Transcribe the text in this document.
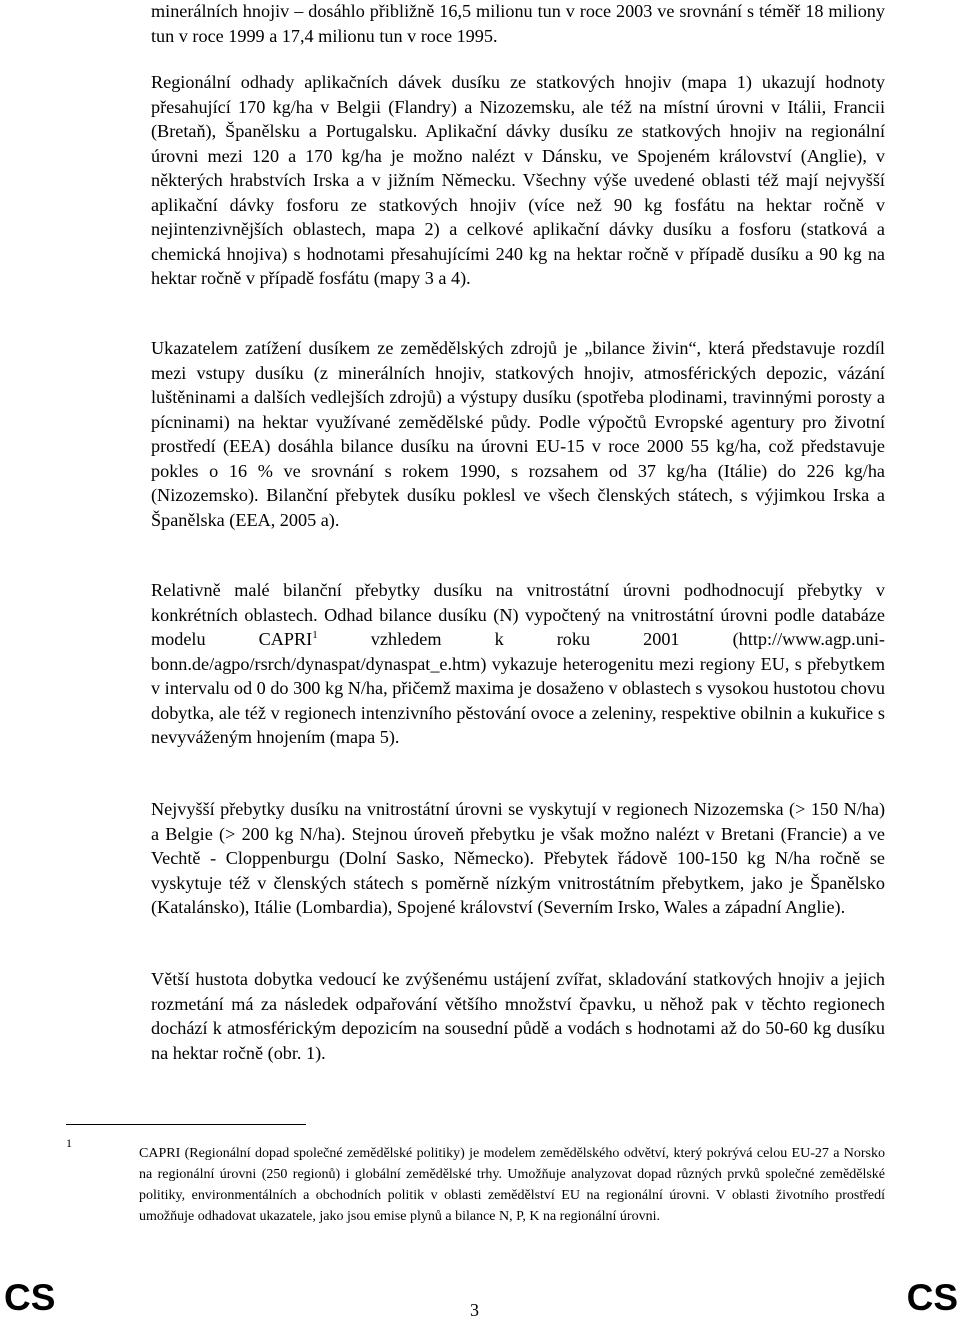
minerálních hnojiv – dosáhlo přibližně 16,5 milionu tun v roce 2003 ve srovnání s téměř 18 miliony tun v roce 1999 a 17,4 milionu tun v roce 1995.

Regionální odhady aplikačních dávek dusíku ze statkových hnojiv (mapa 1) ukazují hodnoty přesahující 170 kg/ha v Belgii (Flandry) a Nizozemsku, ale též na místní úrovni v Itálii, Francii (Bretaň), Španělsku a Portugalsku. Aplikační dávky dusíku ze statkových hnojiv na regionální úrovni mezi 120 a 170 kg/ha je možno nalézt v Dánsku, ve Spojeném království (Anglie), v některých hrabstvích Irska a v jižním Německu. Všechny výše uvedené oblasti též mají nejvyšší aplikační dávky fosforu ze statkových hnojiv (více než 90 kg fosfátu na hektar ročně v nejintenzivnějších oblastech, mapa 2) a celkové aplikační dávky dusíku a fosforu (statková a chemická hnojiva) s hodnotami přesahujícími 240 kg na hektar ročně v případě dusíku a 90 kg na hektar ročně v případě fosfátu (mapy 3 a 4).

Ukazatelem zatížení dusíkem ze zemědělských zdrojů je „bilance živin“, která představuje rozdíl mezi vstupy dusíku (z minerálních hnojiv, statkových hnojiv, atmosférických depozic, vázání luštěninami a dalších vedlejších zdrojů) a výstupy dusíku (spotřeba plodinami, travinnými porosty a pícninami) na hektar využívané zemědělské půdy. Podle výpočtů Evropské agentury pro životní prostředí (EEA) dosáhla bilance dusíku na úrovni EU-15 v roce 2000 55 kg/ha, což představuje pokles o 16 % ve srovnání s rokem 1990, s rozsahem od 37 kg/ha (Itálie) do 226 kg/ha (Nizozemsko). Bilanční přebytek dusíku poklesl ve všech členských státech, s výjimkou Irska a Španělska (EEA, 2005 a).

Relativně malé bilanční přebytky dusíku na vnitrostátní úrovni podhodnocují přebytky v konkrétních oblastech. Odhad bilance dusíku (N) vypočtený na vnitrostátní úrovni podle databáze modelu CAPRI$^1$ vzhledem k roku 2001 (http://www.agp.uni-bonn.de/agpo/rsrch/dynaspat/dynaspat_e.htm) vykazuje heterogenitu mezi regiony EU, s přebytkem v intervalu od 0 do 300 kg N/ha, přičemž maxima je dosaženo v oblastech s vysokou hustotou chovu dobytka, ale též v regionech intenzivního pěstování ovoce a zeleniny, respektive obilnin a kukuřice s nevyváženým hnojením (mapa 5).

Nejvyšší přebytky dusíku na vnitrostátní úrovni se vyskytují v regionech Nizozemska (> 150 N/ha) a Belgie (> 200 kg N/ha). Stejnou úroveň přebytku je však možno nalézt v Bretani (Francie) a ve Vechtě - Cloppenburgu (Dolní Sasko, Německo). Přebytek řádově 100-150 kg N/ha ročně se vyskytuje též v členských státech s poměrně nízkým vnitrostátním přebytkem, jako je Španělsko (Katalánsko), Itálie (Lombardia), Spojené království (Severním Irsko, Wales a západní Anglie).

Větší hustota dobytka vedoucí ke zvýšenému ustájení zvířat, skladování statkových hnojiv a jejich rozmetání má za následek odpařování většího množství čpavku, u něhož pak v těchto regionech dochází k atmosférickým depozicím na sousední půdě a vodách s hodnotami až do 50-60 kg dusíku na hektar ročně (obr. 1).

1

CAPRI (Regionální dopad společné zemědělské politiky) je modelem zemědělského odvětví, který pokrývá celou EU-27 a Norsko na regionální úrovni (250 regionů) i globální zemědělské trhy. Umožňuje analyzovat dopad různých prvků společné zemědělské politiky, environmentálních a obchodních politik v oblasti zemědělství EU na regionální úrovni. V oblasti životního prostředí umožňuje odhadovat ukazatele, jako jsou emise plynů a bilance N, P, K na regionální úrovni.

CS	3	CS
